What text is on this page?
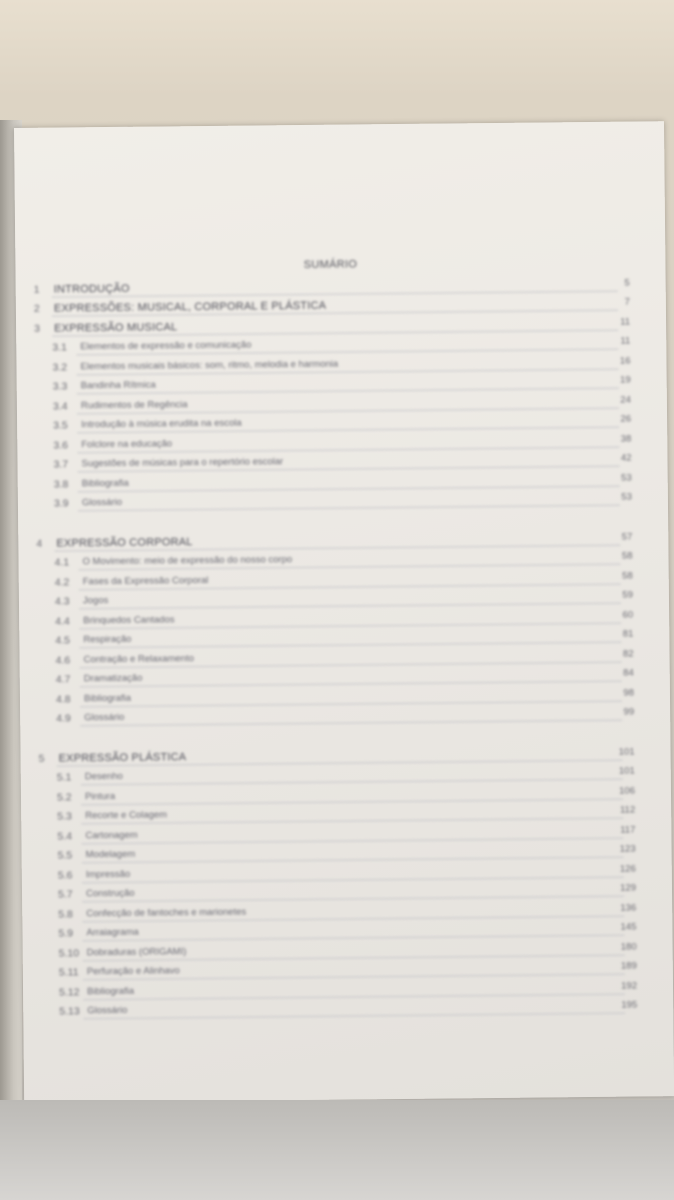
SUMÁRIO
1	INTRODUÇÃO	5
2	EXPRESSÕES: MUSICAL, CORPORAL E PLÁSTICA	7
3	EXPRESSÃO MUSICAL	11
3.1	Elementos de expressão e comunicação	11
3.2	Elementos musicais básicos: som, ritmo, melodia e harmonia	16
3.3	Bandinha Rítmica	19
3.4	Rudimentos de Regência	24
3.5	Introdução à música erudita na escola	26
3.6	Folclore na educação	38
3.7	Sugestões de músicas para o repertório escolar	42
3.8	Bibliografia	53
3.9	Glossário	53
4	EXPRESSÃO CORPORAL	57
4.1	O Movimento: meio de expressão do nosso corpo	58
4.2	Fases da Expressão Corporal	58
4.3	Jogos	59
4.4	Brinquedos Cantados	60
4.5	Respiração	81
4.6	Contração e Relaxamento	82
4.7	Dramatização	84
4.8	Bibliografia	98
4.9	Glossário	99
5	EXPRESSÃO PLÁSTICA	101
5.1	Desenho	101
5.2	Pintura	106
5.3	Recorte e Colagem	112
5.4	Cartonagem	117
5.5	Modelagem	123
5.6	Impressão	126
5.7	Construção	129
5.8	Confecção de fantoches e marionetes	136
5.9	Arraiagrama	145
5.10 Dobraduras (ORIGAMI)	180
5.11 Perfuração e Alinhavo	189
5.12 Bibliografia	192
5.13 Glossário	195
